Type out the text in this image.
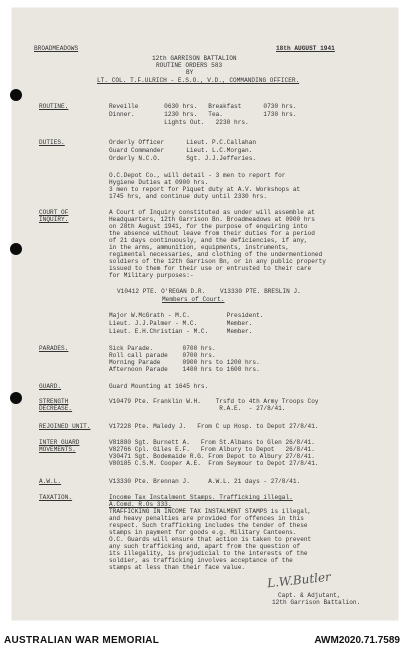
BROADMEADOWS	18th AUGUST 1941
12th GARRISON BATTALION
ROUTINE ORDERS 583
BY
LT. COL. T.F.ULRICH - E.S.O., V.D., COMMANDING OFFICER.
ROUTINE.	Reveille       0630 hrs.   Breakfast      0730 hrs.
Dinner.        1230 hrs.   Tea.           1730 hrs.
Lights Out.   2230 hrs.
DUTIES.	Orderly Officer      Lieut. P.C.Callahan
Guard Commander      Lieut. L.C.Morgan.
Orderly N.C.O.       Sgt. J.J.Jefferies.
O.C.Depot Co., will detail - 3 men to report for
Hygiene Duties at 0900 hrs.
3 men to report for Piquet duty at A.V. Workshops at
1745 hrs, and continue duty until 2330 hrs.
COURT OF
INQUIRY.
A Court of Inquiry constituted as under will assemble at
Headquarters, 12th Garrison Bn. Broadmeadows at 0900 hrs
on 28th August 1941, for the purpose of enquiring into
the absence without leave from their duties for a period
of 21 days continuously, and the deficiencies, if any,
in the arms, ammunition, equipments, instruments,
regimental necessaries, and clothing of the undermentioned
soldiers of the 12th Garrison Bn, or in any public property
issued to them for their use or entrusted to their care
for Military purposes:-
V10412 PTE. O'REGAN D.R.    V13330 PTE. BRESLIN J.
Members of Court.
Major W.McGrath - M.C.          President.
Lieut. J.J.Palmer - M.C.        Member.
Lieut. E.H.Christian - M.C.     Member.
PARADES.	Sick Parade.        0700 hrs.
Roll call parade    0700 hrs.
Morning Parade      0900 hrs to 1200 hrs.
Afternoon Parade    1400 hrs to 1600 hrs.
GUARD.	Guard Mounting at 1645 hrs.
STRENGTH
DECREASE.
V10479 Pte. Franklin W.H.    Trsfd to 4th Army Troops Coy
R.A.E.  - 27/8/41.
REJOINED UNIT.	V17228 Pte. Maledy J.   From C up Hosp. to Depot 27/8/41.
INTER GUARD
MOVEMENTS.
V81880 Sgt. Burnett A.   From St.Albans to Glen 26/8/41.
V82766 Cpl. Giles E.F.   From Albury to Depot   26/8/41.
V30471 Sgt. Bodemaide R.G. From Depot to Albury 27/8/41.
V80185 C.S.M. Cooper A.E.  From Seymour to Depot 27/8/41.
A.W.L.	V13330 Pte. Brennan J.     A.W.L. 21 days - 27/8/41.
TAXATION.	Income Tax Instalment Stamps. Trafficking illegal.
A.Comd. R.Os 333.
TRAFFICKING IN INCOME TAX INSTALMENT STAMPS is illegal,
and heavy penalties are provided for offences in this
respect. Such trafficking includes the tender of these
stamps in payment for goods e.g. Military Canteens.
O.C. Guards will ensure that action is taken to prevent
any such trafficking and, apart from the question of
its illegality, is prejudicial to the interests of the
soldier, as trafficking involves acceptance of the
stamps at less than their face value.
L.W.Butler
Capt. & Adjutant,
12th Garrison Battalion.
AUSTRALIAN WAR MEMORIAL	AWM2020.71.7589
